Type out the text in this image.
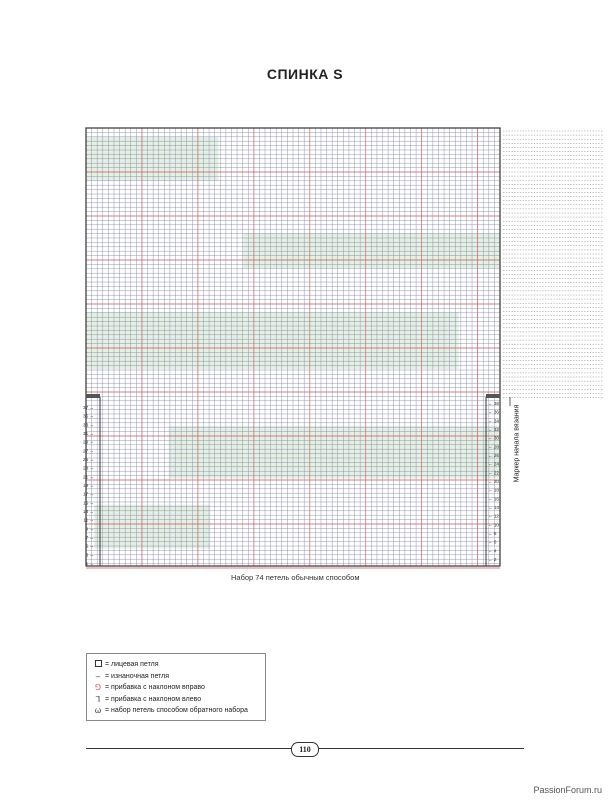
СПИНКА S
37 →
35 →
33 →
31 →
29 →
27 →
25 →
23 →
21 →
19 →
17 →
15 →
13 →
11 →
9 →
7 →
5 →
3 →
1 →
← 38
← 36
← 34
← 32
← 30
← 28
← 26
← 24
← 22
← 20
← 18
← 16
← 14
← 12
← 10
← 8
← 6
← 4
← 2
Набор 74 петель обычным способом
Маркер начала вязания
= лицевая петля
– = изнаночная петля
⅁ = прибавка с наклоном вправо
⅂ = прибавка с наклоном влево
ω = набор петель способом обратного набора
110
PassionForum.ru
